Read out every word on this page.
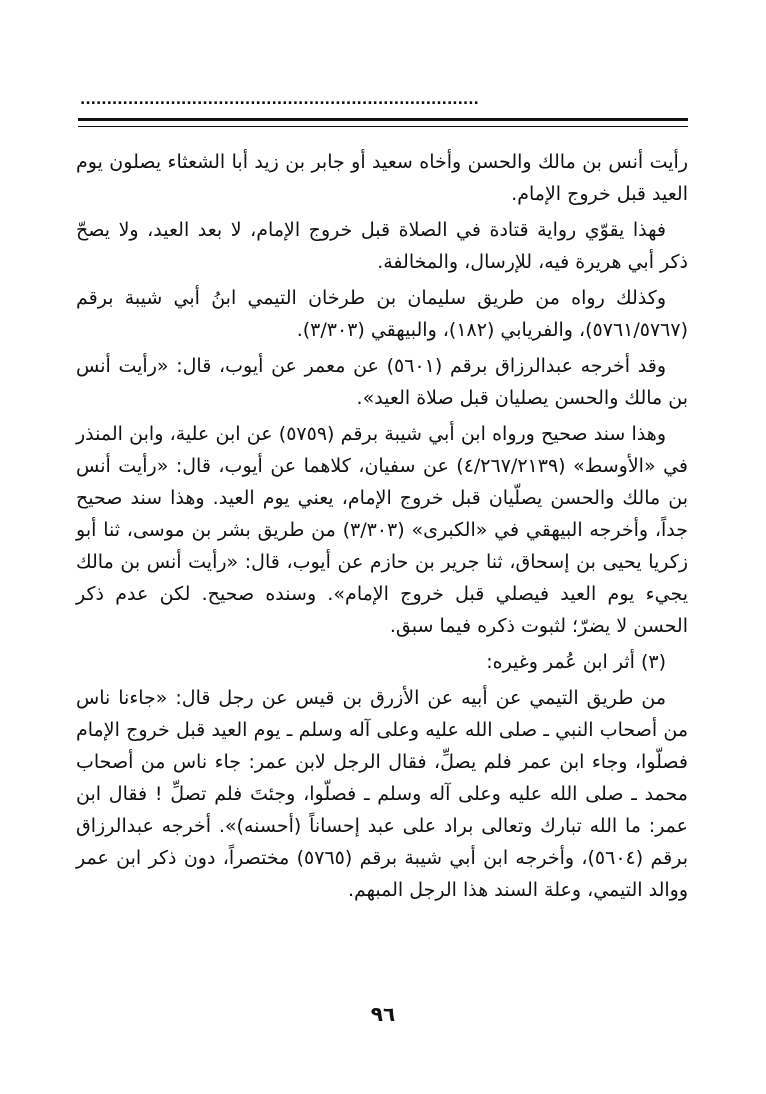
...........................................................................

رأيت أنس بن مالك والحسن وأخاه سعيد أو جابر بن زيد أبا الشعثاء يصلون يوم العيد قبل خروج الإمام.

فهذا يقوّي رواية قتادة في الصلاة قبل خروج الإمام، لا بعد العيد، ولا يصحّ ذكر أبي هريرة فيه، للإرسال، والمخالفة.

وكذلك رواه من طريق سليمان بن طرخان التيمي ابنُ أبي شيبة برقم (٥٧٦١/٥٧٦٧)، والفريابي (١٨٢)، والبيهقي (٣/٣٠٣).

وقد أخرجه عبدالرزاق برقم (٥٦٠١) عن معمر عن أيوب، قال: «رأيت أنس بن مالك والحسن يصليان قبل صلاة العيد».

وهذا سند صحيح ورواه ابن أبي شيبة برقم (٥٧٥٩) عن ابن علية، وابن المنذر في «الأوسط» (٤/٢٦٧/٢١٣٩) عن سفيان، كلاهما عن أيوب، قال: «رأيت أنس بن مالك والحسن يصلّيان قبل خروج الإمام، يعني يوم العيد. وهذا سند صحيح جداً، وأخرجه البيهقي في «الكبرى» (٣/٣٠٣) من طريق بشر بن موسى، ثنا أبو زكريا يحيى بن إسحاق، ثنا جرير بن حازم عن أيوب، قال: «رأيت أنس بن مالك يجيء يوم العيد فيصلي قبل خروج الإمام». وسنده صحيح. لكن عدم ذكر الحسن لا يضرّ؛ لثبوت ذكره فيما سبق.

(٣) أثر ابن عُمر وغيره:

من طريق التيمي عن أبيه عن الأزرق بن قيس عن رجل قال: «جاءنا ناس من أصحاب النبي ـ صلى الله عليه وعلى آله وسلم ـ يوم العيد قبل خروج الإمام فصلّوا، وجاء ابن عمر فلم يصلِّ، فقال الرجل لابن عمر: جاء ناس من أصحاب محمد ـ صلى الله عليه وعلى آله وسلم ـ فصلّوا، وجئتَ فلم تصلِّ ! فقال ابن عمر: ما الله تبارك وتعالى براد على عبد إحساناً (أحسنه)». أخرجه عبدالرزاق برقم (٥٦٠٤)، وأخرجه ابن أبي شيبة برقم (٥٧٦٥) مختصراً، دون ذكر ابن عمر ووالد التيمي، وعلة السند هذا الرجل المبهم.

٩٦
